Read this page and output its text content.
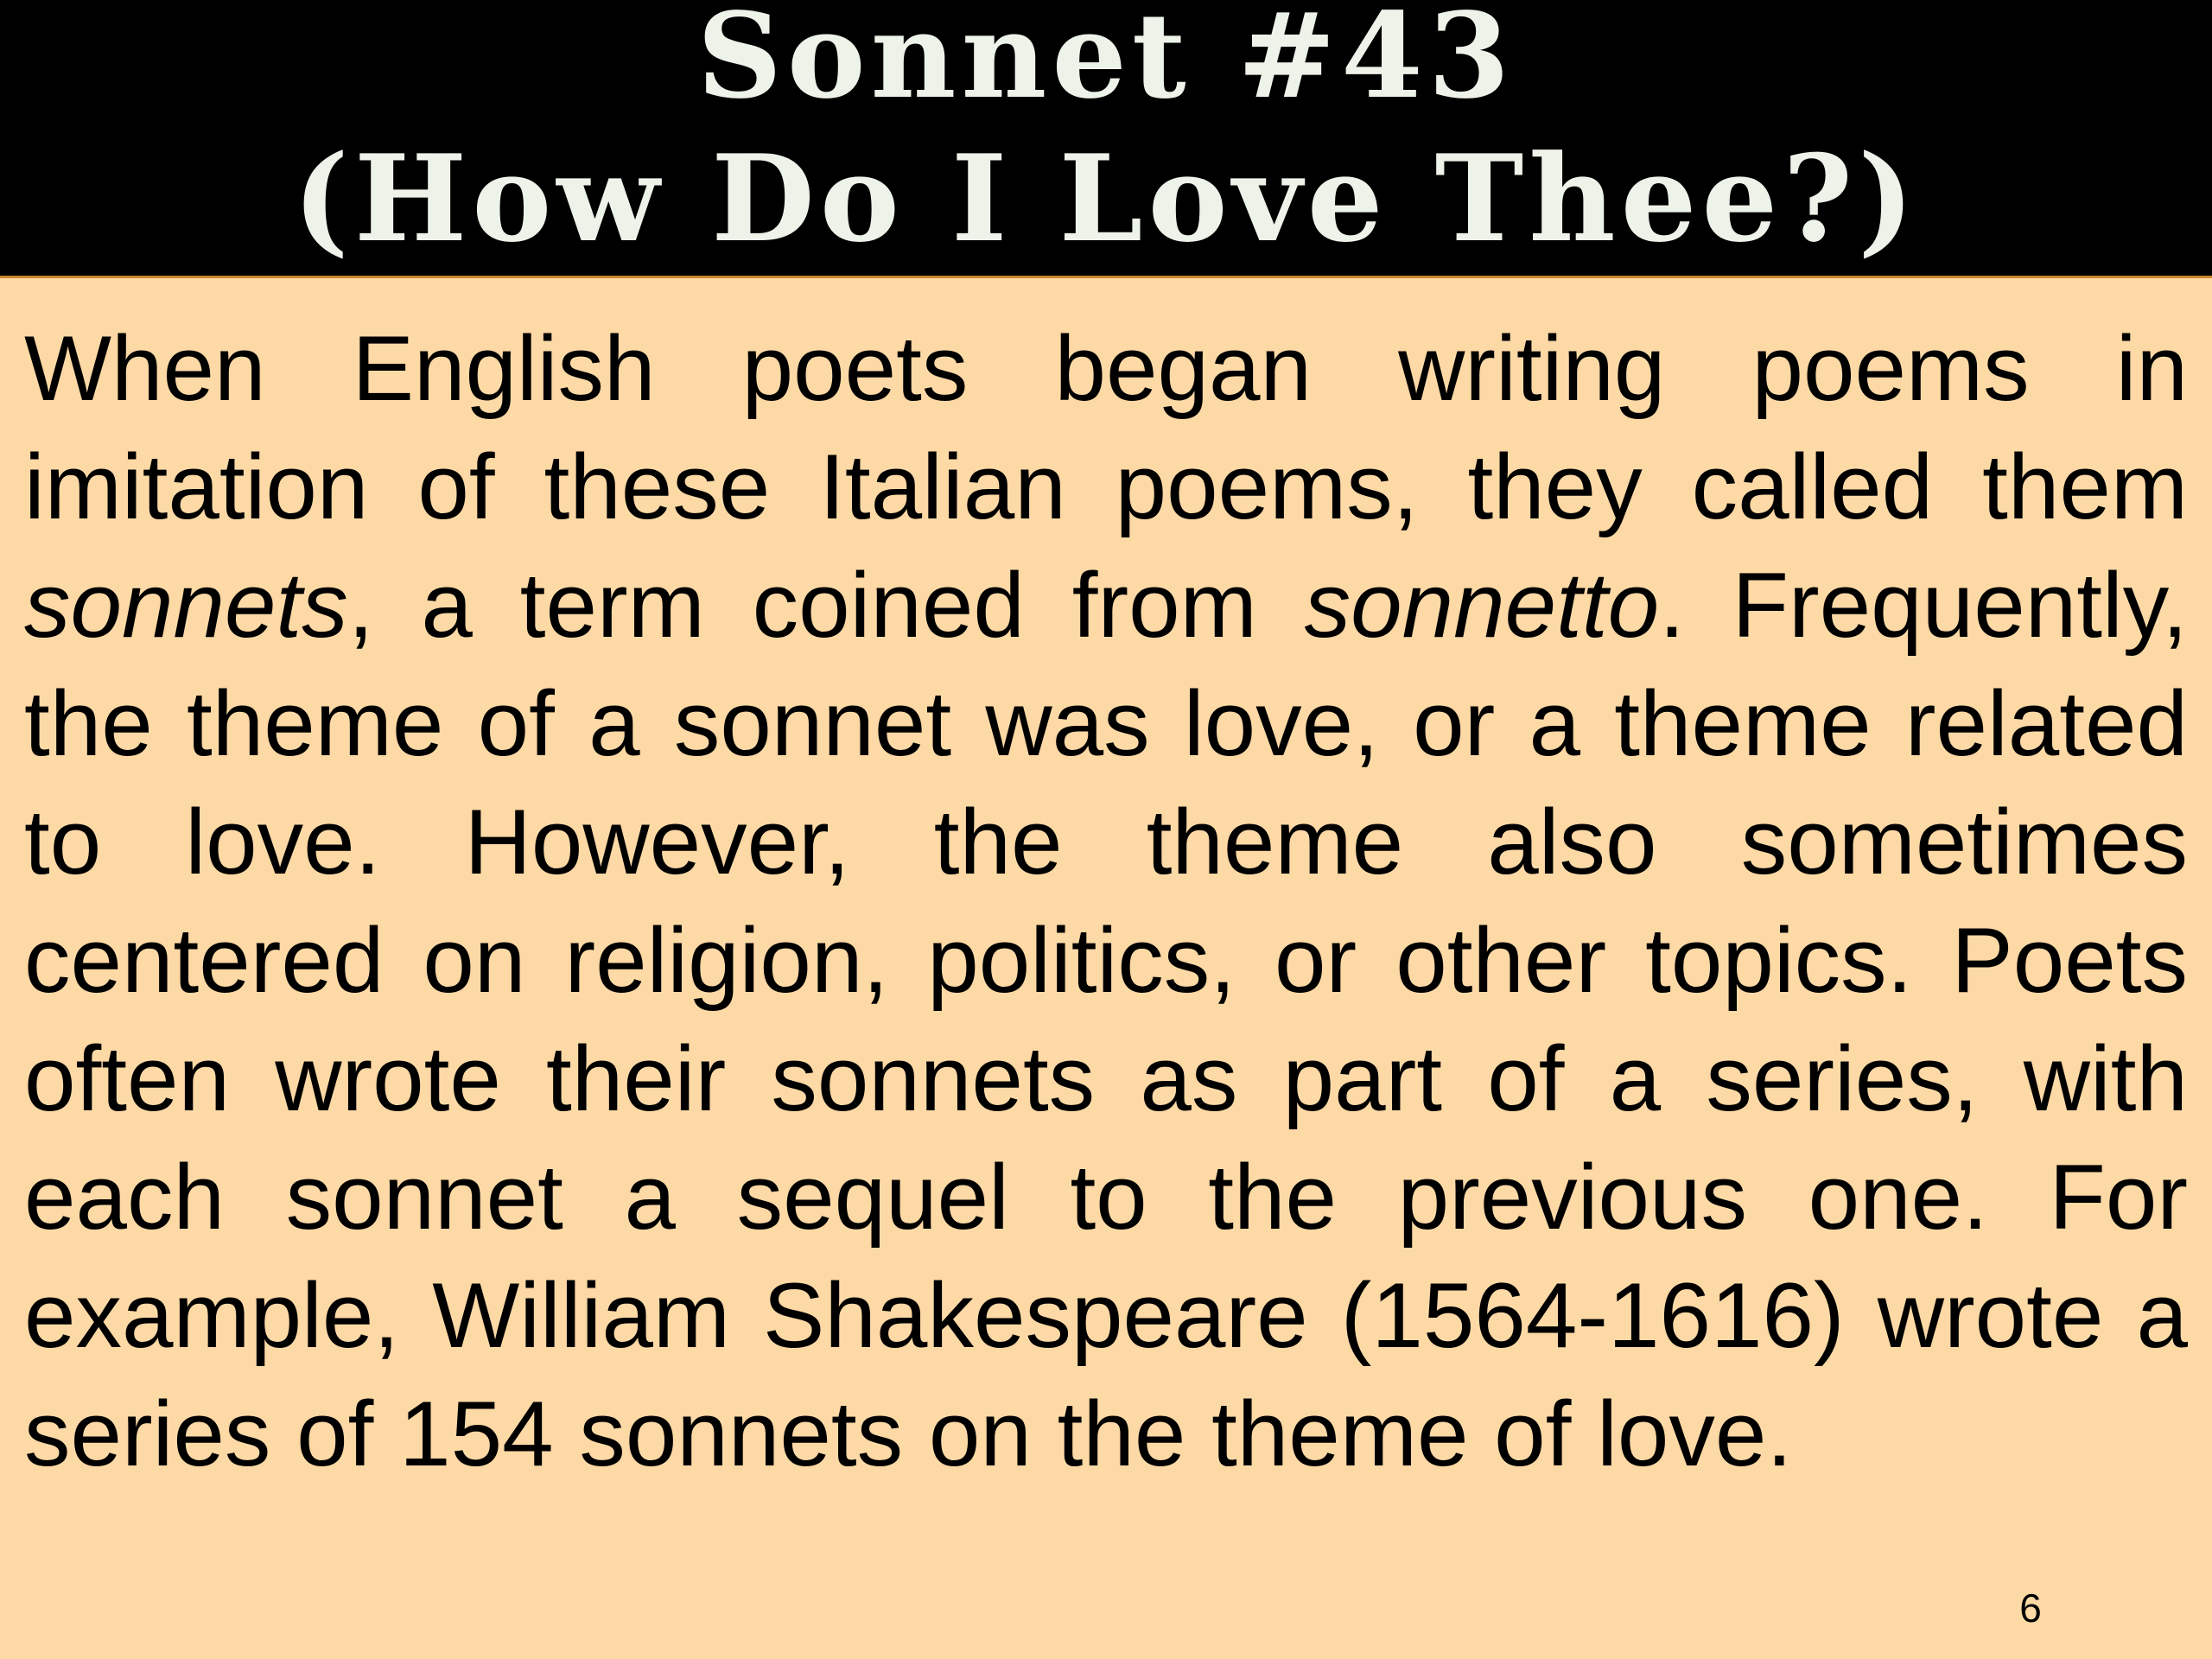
Sonnet #43
(How Do I Love Thee?)

When English poets began writing poems in imitation of these Italian poems, they called them sonnets, a term coined from sonnetto. Frequently, the theme of a sonnet was love, or a theme related to love. However, the theme also sometimes centered on religion, politics, or other topics. Poets often wrote their sonnets as part of a series, with each sonnet a sequel to the previous one. For example, William Shakespeare (1564-1616) wrote a series of 154 sonnets on the theme of love.

6
